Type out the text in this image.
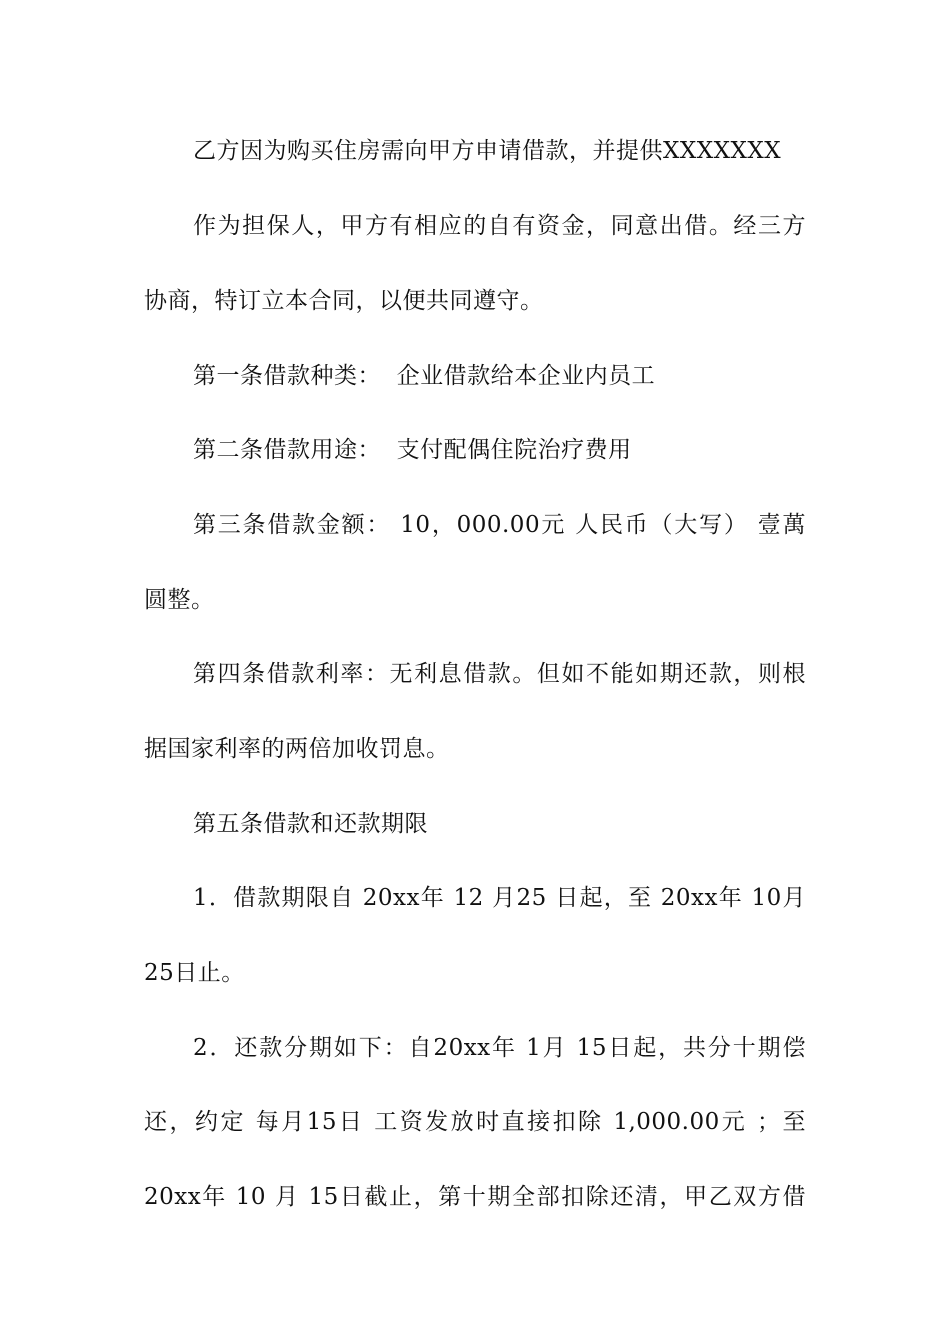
乙方因为购买住房需向甲方申请借款，并提供XXXXXXX
作为担保人，甲方有相应的自有资金，同意出借。经三方
协商，特订立本合同，以便共同遵守。
第一条借款种类：  企业借款给本企业内员工
第二条借款用途：  支付配偶住院治疗费用
第三条借款金额： 10，000.00元 人民币（大写） 壹萬
圆整。
第四条借款利率：无利息借款。但如不能如期还款，则根
据国家利率的两倍加收罚息。
第五条借款和还款期限
1．借款期限自 20xx年 12 月25 日起，至 20xx年 10月
25日止。
2．还款分期如下：自20xx年 1月 15日起，共分十期偿
还，约定 每月15日 工资发放时直接扣除 1,000.00元 ；至
20xx年 10 月 15日截止，第十期全部扣除还清，甲乙双方借
